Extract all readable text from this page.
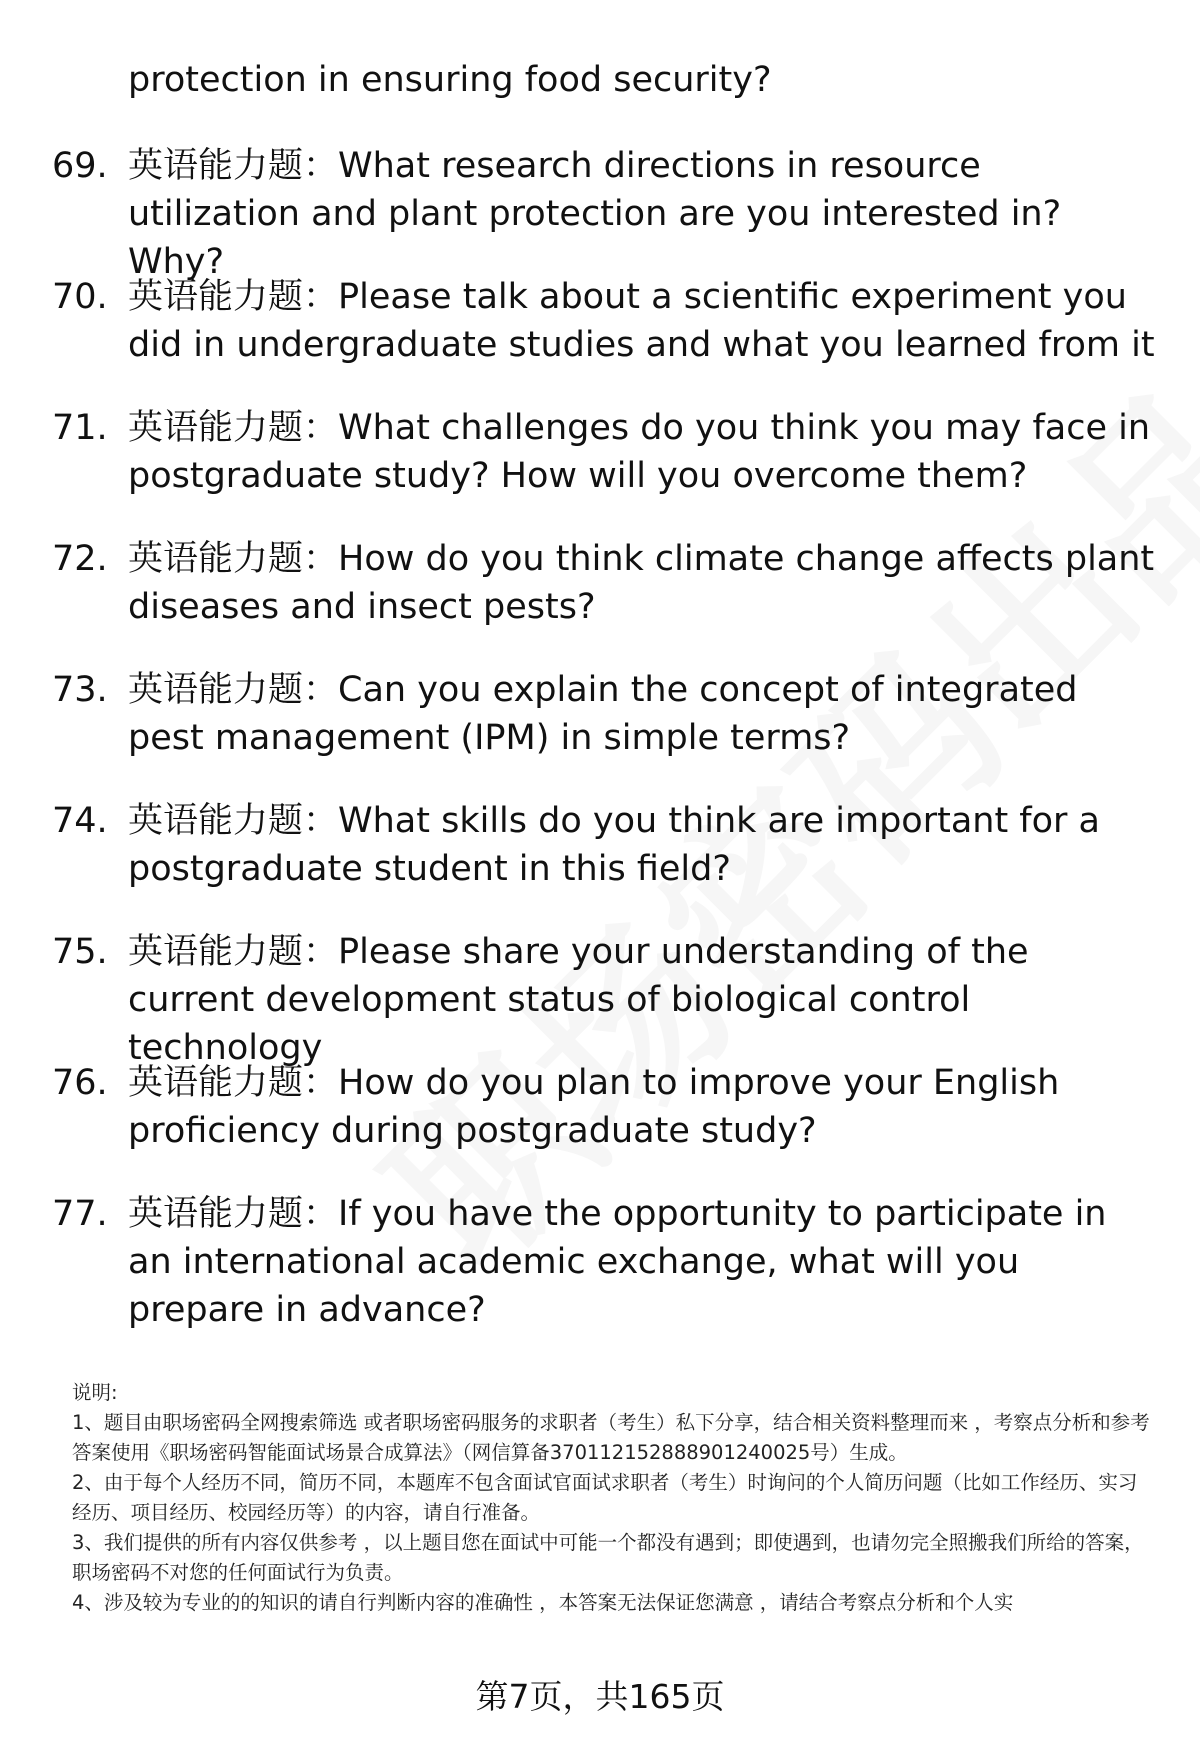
protection in ensuring food security?
69. 英语能力题：What research directions in resource utilization and plant protection are you interested in? Why?
70. 英语能力题：Please talk about a scientific experiment you did in undergraduate studies and what you learned from it
71. 英语能力题：What challenges do you think you may face in postgraduate study? How will you overcome them?
72. 英语能力题：How do you think climate change affects plant diseases and insect pests?
73. 英语能力题：Can you explain the concept of integrated pest management (IPM) in simple terms?
74. 英语能力题：What skills do you think are important for a postgraduate student in this field?
75. 英语能力题：Please share your understanding of the current development status of biological control technology
76. 英语能力题：How do you plan to improve your English proficiency during postgraduate study?
77. 英语能力题：If you have the opportunity to participate in an international academic exchange, what will you prepare in advance?

说明:

1、题目由职场密码全网搜索筛选 或者职场密码服务的求职者（考生）私下分享，结合相关资料整理而来 ，考察点分析和参考答案使用《职场密码智能面试场景合成算法》（网信算备370112152888901240025号）生成。

2、由于每个人经历不同，简历不同，本题库不包含面试官面试求职者（考生）时询问的个人简历问题（比如工作经历、实习经历、项目经历、校园经历等）的内容，请自行准备。

3、我们提供的所有内容仅供参考 ，以上题目您在面试中可能一个都没有遇到；即使遇到，也请勿完全照搬我们所给的答案，职场密码不对您的任何面试行为负责。

4、涉及较为专业的的知识的请自行判断内容的准确性 ，本答案无法保证您满意 ，请结合考察点分析和个人实

第7页，共165页
